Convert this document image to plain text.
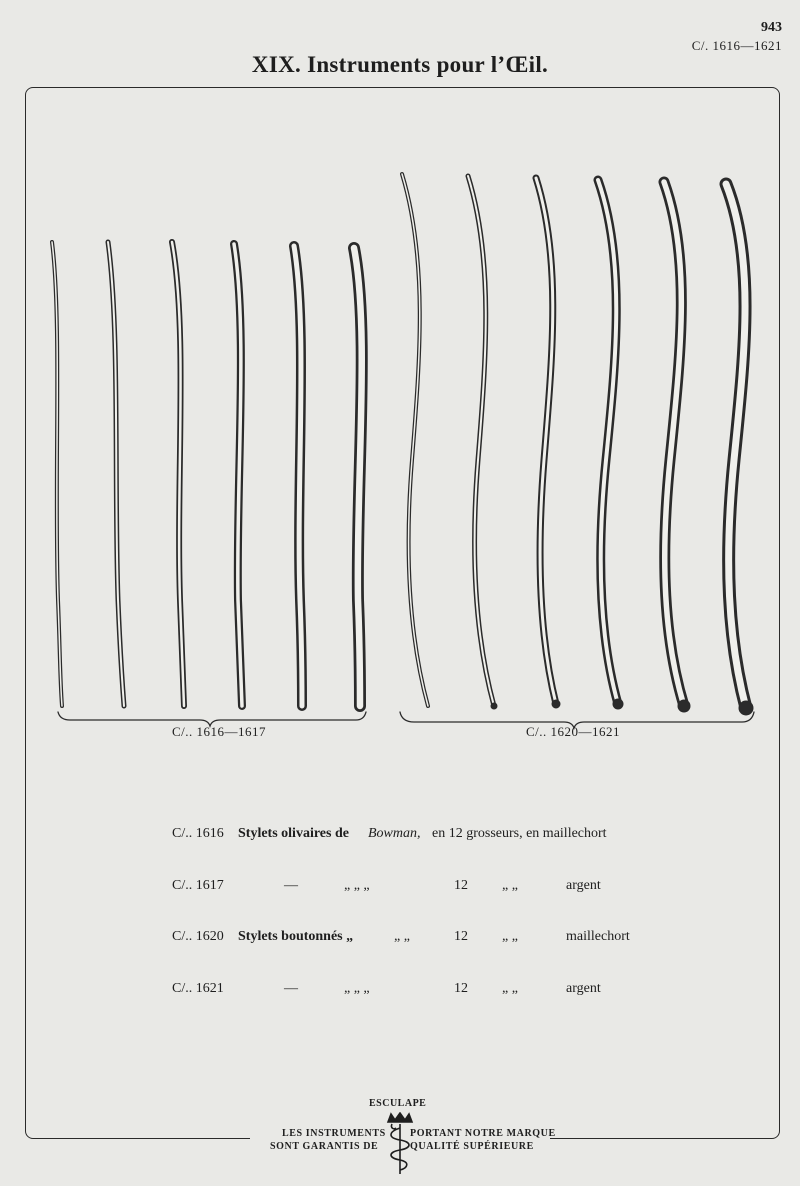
943
C/. 1616—1621
XIX. Instruments pour l’Œil.
C/.. 1616—1617	C/.. 1620—1621
C/.. 1616 Stylets olivaires de Bowman, en 12 grosseurs, en maillechort
C/.. 1617	—	„ „ „	12 „ „	argent
C/.. 1620 Stylets boutonnés „	„ „	12 „ „	maillechort
C/.. 1621	—	„ „ „	12 „ „	argent
ESCULAPE
LES INSTRUMENTS PORTANT NOTRE MARQUE
SONT GARANTIS DE	QUALITÉ SUPÉRIEURE
